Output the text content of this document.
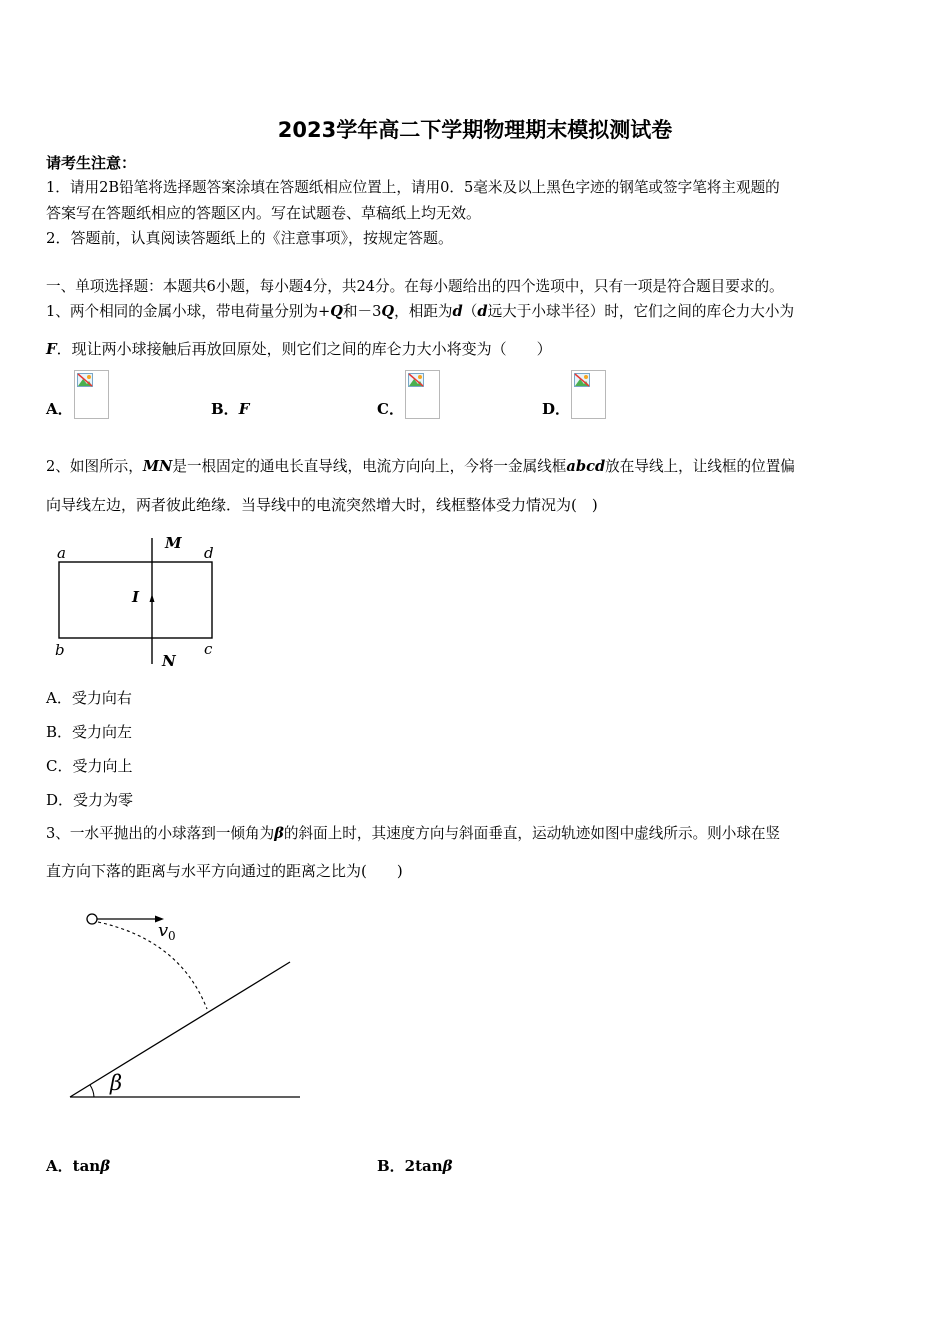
2023学年高二下学期物理期末模拟测试卷
请考生注意：
1．请用2B铅笔将选择题答案涂填在答题纸相应位置上，请用0．5毫米及以上黑色字迹的钢笔或签字笔将主观题的
答案写在答题纸相应的答题区内。写在试题卷、草稿纸上均无效。
2．答题前，认真阅读答题纸上的《注意事项》，按规定答题。
一、单项选择题：本题共6小题，每小题4分，共24分。在每小题给出的四个选项中，只有一项是符合题目要求的。
1、两个相同的金属小球，带电荷量分别为+Q和－3Q，相距为d（d远大于小球半径）时，它们之间的库仑力大小为
F．现让两小球接触后再放回原处，则它们之间的库仑力大小将变为（　　）
A．	B．F	C．	D．
2、如图所示，MN是一根固定的通电长直导线，电流方向向上，今将一金属线框abcd放在导线上，让线框的位置偏
向导线左边，两者彼此绝缘．当导线中的电流突然增大时，线框整体受力情况为(　)
a
M
d
I
b	c
N
A．受力向右
B．受力向左
C．受力向上
D．受力为零
3、一水平抛出的小球落到一倾角为β的斜面上时，其速度方向与斜面垂直，运动轨迹如图中虚线所示。则小球在竖
直方向下落的距离与水平方向通过的距离之比为(　　)
β
v 0
A．tanβ	B．2tanβ
